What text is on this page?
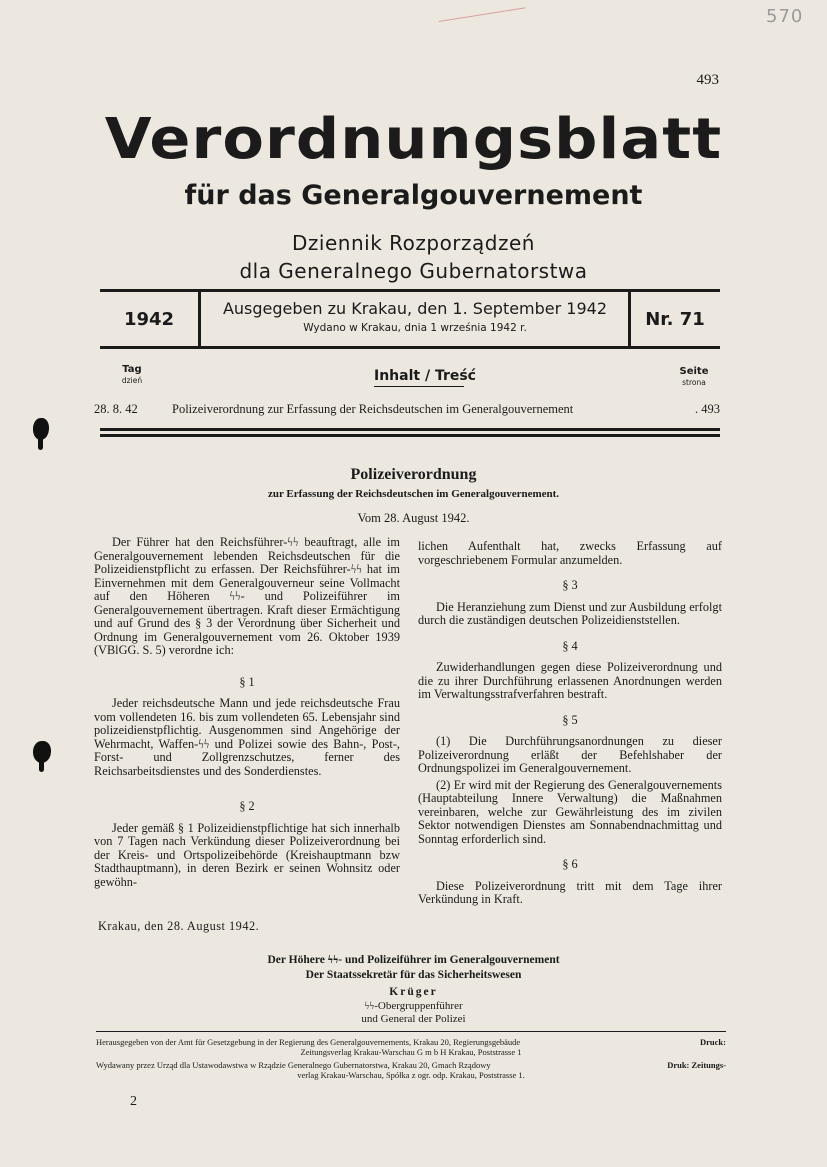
570
493
Verordnungsblatt
für das Generalgouvernement
Dziennik Rozporządzeń
dla Generalnego Gubernatorstwa
1942
Ausgegeben zu Krakau, den 1. September 1942
Wydano w Krakau, dnia 1 września 1942 r.	Nr. 71
Tag
dzień	Inhalt / Treść	Seite
strona
28. 8. 42	Polizeiverordnung zur Erfassung der Reichsdeutschen im Generalgouvernement	. 493
Polizeiverordnung
zur Erfassung der Reichsdeutschen im Generalgouvernement.
Vom 28. August 1942.

Der Führer hat den Reichsführer-ϟϟ beauftragt, alle im Generalgouvernement lebenden Reichsdeutschen für die Polizeidienstpflicht zu erfassen. Der Reichsführer-ϟϟ hat im Einvernehmen mit dem Generalgouverneur seine Vollmacht auf den Höheren ϟϟ- und Polizeiführer im Generalgouvernement übertragen. Kraft dieser Ermächtigung und auf Grund des § 3 der Verordnung über Sicherheit und Ordnung im Generalgouvernement vom 26. Oktober 1939 (VBlGG. S. 5) verordne ich:

§ 1

Jeder reichsdeutsche Mann und jede reichsdeutsche Frau vom vollendeten 16. bis zum vollendeten 65. Lebensjahr sind polizeidienstpflichtig. Ausgenommen sind Angehörige der Wehrmacht, Waffen-ϟϟ und Polizei sowie des Bahn-, Post-, Forst- und Zollgrenzschutzes, ferner des Reichsarbeitsdienstes und des Sonderdienstes.

§ 2

Jeder gemäß § 1 Polizeidienstpflichtige hat sich innerhalb von 7 Tagen nach Verkündung dieser Polizeiverordnung bei der Kreis- und Ortspolizeibehörde (Kreishauptmann bzw Stadthauptmann), in deren Bezirk er seinen Wohnsitz oder gewöhn-

lichen Aufenthalt hat, zwecks Erfassung auf vorgeschriebenem Formular anzumelden.

§ 3

Die Heranziehung zum Dienst und zur Ausbildung erfolgt durch die zuständigen deutschen Polizeidienststellen.

§ 4

Zuwiderhandlungen gegen diese Polizeiverordnung und die zu ihrer Durchführung erlassenen Anordnungen werden im Verwaltungsstrafverfahren bestraft.

§ 5

(1) Die Durchführungsanordnungen zu dieser Polizeiverordnung erläßt der Befehlshaber der Ordnungspolizei im Generalgouvernement.

(2) Er wird mit der Regierung des Generalgouvernements (Hauptabteilung Innere Verwaltung) die Maßnahmen vereinbaren, welche zur Gewährleistung des im zivilen Sektor notwendigen Dienstes am Sonnabendnachmittag und Sonntag erforderlich sind.

§ 6

Diese Polizeiverordnung tritt mit dem Tage ihrer Verkündung in Kraft.

Krakau, den 28. August 1942.
Der Höhere ϟϟ- und Polizeiführer im Generalgouvernement
Der Staatssekretär für das Sicherheitswesen
Krüger
ϟϟ-Obergruppenführer
und General der Polizei
Herausgegeben von der Amt für Gesetzgebung in der Regierung des Generalgouvernements, Krakau 20, Regierungsgebäude	Druck:
Zeitungsverlag Krakau-Warschau G m b H Krakau, Poststrasse 1
Wydawany przez Urząd dla Ustawodawstwa w Rządzie Generalnego Gubernatorstwa, Krakau 20, Gmach Rządowy	Druk: Zeitungs-
verlag Krakau-Warschau, Spółka z ogr. odp. Krakau, Poststrasse 1.
2
